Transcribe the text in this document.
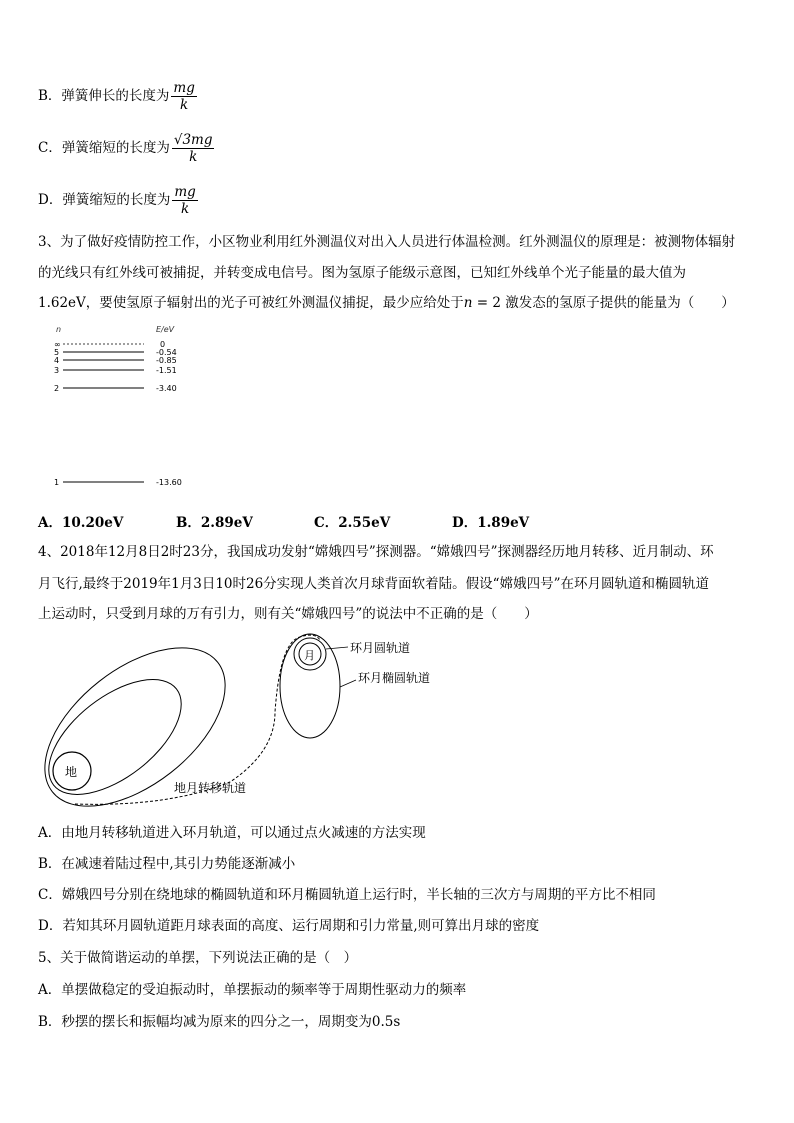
B．弹簧伸长的长度为 $\frac{mg}{k}$
C．弹簧缩短的长度为 $\frac{√3mg}{k}$
D．弹簧缩短的长度为 $\frac{mg}{k}$
3、为了做好疫情防控工作，小区物业利用红外测温仪对出入人员进行体温检测。红外测温仪的原理是：被测物体辐射
的光线只有红外线可被捕捉，并转变成电信号。图为氢原子能级示意图，已知红外线单个光子能量的最大值为
1.62eV，要使氢原子辐射出的光子可被红外测温仪捕捉，最少应给处于n = 2 激发态的氢原子提供的能量为（　　）
n	E/eV
∞	0
5	-0.54
4	-0.85
3	-1.51
2	-3.40
1	-13.60
A．10.20eV	B．2.89eV	C．2.55eV	D．1.89eV
4、2018年12月8日2时23分，我国成功发射“嫦娥四号”探测器。“嫦娥四号”探测器经历地月转移、近月制动、环
月飞行,最终于2019年1月3日10时26分实现人类首次月球背面软着陆。假设“嫦娥四号”在环月圆轨道和椭圆轨道
上运动时，只受到月球的万有引力，则有关“嫦娥四号”的说法中不正确的是（　　）
地
月
环月圆轨道
环月椭圆轨道
地月转移轨道
A．由地月转移轨道进入环月轨道，可以通过点火减速的方法实现
B．在减速着陆过程中,其引力势能逐渐减小
C．嫦娥四号分别在绕地球的椭圆轨道和环月椭圆轨道上运行时，半长轴的三次方与周期的平方比不相同
D．若知其环月圆轨道距月球表面的高度、运行周期和引力常量,则可算出月球的密度
5、关于做简谐运动的单摆，下列说法正确的是（　）
A．单摆做稳定的受迫振动时，单摆振动的频率等于周期性驱动力的频率
B．秒摆的摆长和振幅均减为原来的四分之一，周期变为0.5s
